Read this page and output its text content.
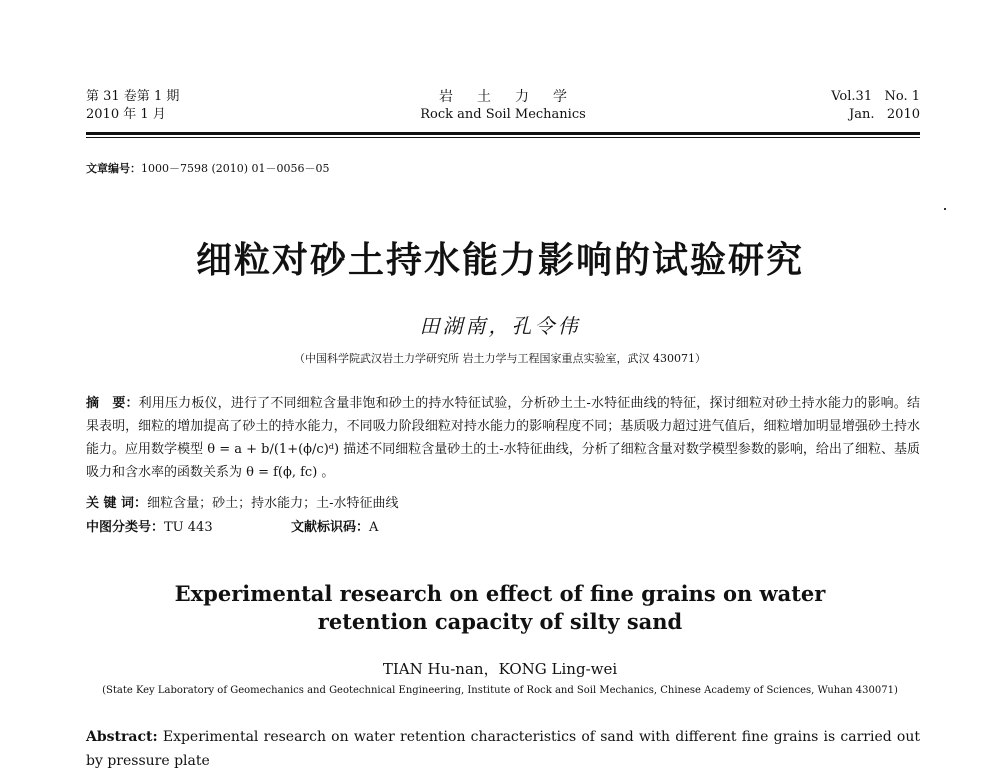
第 31 卷第 1 期
2010 年 1 月
岩土力学
Rock and Soil Mechanics
Vol.31   No. 1
Jan.   2010
文章编号：1000－7598 (2010) 01－0056－05
细粒对砂土持水能力影响的试验研究
田湖南，孔令伟
（中国科学院武汉岩土力学研究所 岩土力学与工程国家重点实验室，武汉 430071）
摘　要：利用压力板仪，进行了不同细粒含量非饱和砂土的持水特征试验，分析砂土土-水特征曲线的特征，探讨细粒对砂土持水能力的影响。结果表明，细粒的增加提高了砂土的持水能力，不同吸力阶段细粒对持水能力的影响程度不同；基质吸力超过进气值后，细粒增加明显增强砂土持水能力。应用数学模型 θ = a + b/(1+(ϕ/c)ᵈ) 描述不同细粒含量砂土的土-水特征曲线，分析了细粒含量对数学模型参数的影响，给出了细粒、基质吸力和含水率的函数关系为 θ = f(ϕ, fc) 。
关 键 词：细粒含量；砂土；持水能力；土-水特征曲线
中图分类号：TU 443	文献标识码：A
Experimental research on effect of fine grains on water
retention capacity of silty sand
TIAN Hu-nan，KONG Ling-wei
(State Key Laboratory of Geomechanics and Geotechnical Engineering, Institute of Rock and Soil Mechanics, Chinese Academy of Sciences, Wuhan 430071)
Abstract: Experimental research on water retention characteristics of sand with different fine grains is carried out by pressure plate
